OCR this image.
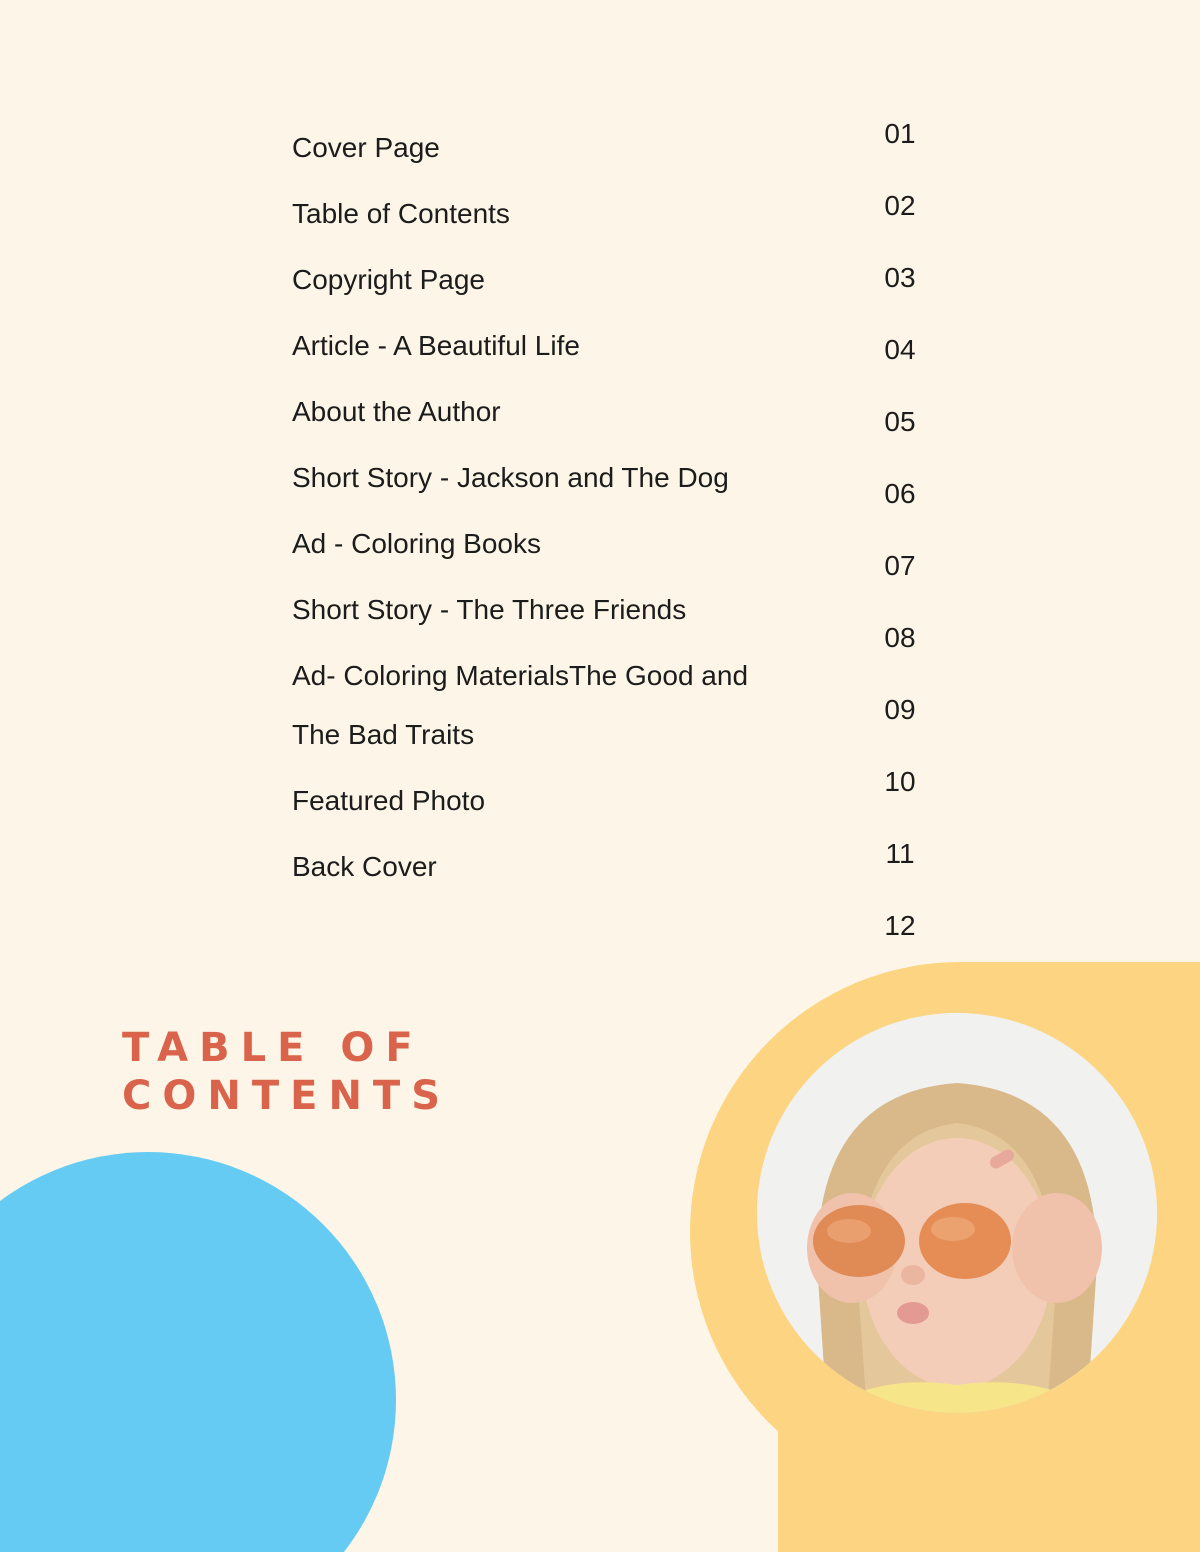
TABLE OF
CONTENTS
Cover Page
Table of Contents
Copyright Page
Article - A Beautiful Life
About the Author
Short Story - Jackson and The Dog
Ad - Coloring Books
Short Story - The Three Friends
Ad- Coloring MaterialsThe Good and The Bad Traits
Featured Photo
Back Cover
01
02
03
04
05
06
07
08
09
10
11
12
